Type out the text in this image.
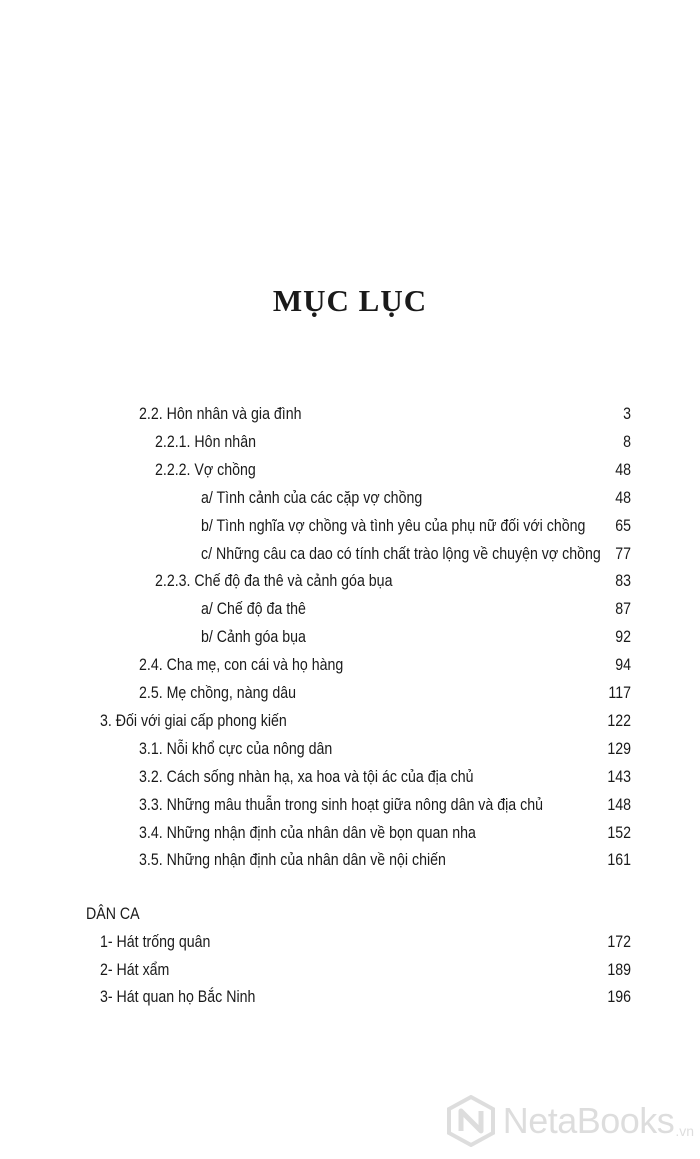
MỤC LỤC
2.2. Hôn nhân và gia đình	3
2.2.1. Hôn nhân	8
2.2.2. Vợ chồng	48
a/ Tình cảnh của các cặp vợ chồng	48
b/ Tình nghĩa vợ chồng và tình yêu của phụ nữ đối với chồng 65
c/ Những câu ca dao có tính chất trào lộng về chuyện vợ chồng 77
2.2.3. Chế độ đa thê và cảnh góa bụa	83
a/ Chế độ đa thê	87
b/ Cảnh góa bụa	92
2.4. Cha mẹ, con cái và họ hàng	94
2.5. Mẹ chồng, nàng dâu	117
3. Đối với giai cấp phong kiến	122
3.1. Nỗi khổ cực của nông dân	129
3.2. Cách sống nhàn hạ, xa hoa và tội ác của địa chủ	143
3.3. Những mâu thuẫn trong sinh hoạt giữa nông dân và địa chủ	148
3.4. Những nhận định của nhân dân về bọn quan nha	152
3.5. Những nhận định của nhân dân về nội chiến	161
DÂN CA
1- Hát trống quân	172
2- Hát xẩm	189
3- Hát quan họ Bắc Ninh	196
NetaBooks .vn
